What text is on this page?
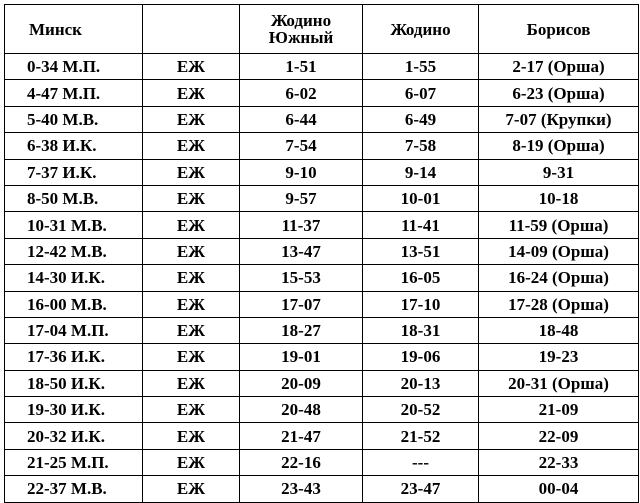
Минск		Жодино Южный	Жодино	Борисов
0-34 М.П.	ЕЖ	1-51	1-55	2-17 (Орша)
4-47 М.П.	ЕЖ	6-02	6-07	6-23 (Орша)
5-40 М.В.	ЕЖ	6-44	6-49	7-07 (Крупки)
6-38 И.К.	ЕЖ	7-54	7-58	8-19 (Орша)
7-37 И.К.	ЕЖ	9-10	9-14	9-31
8-50 М.В.	ЕЖ	9-57	10-01	10-18
10-31 М.В.	ЕЖ	11-37	11-41	11-59 (Орша)
12-42 М.В.	ЕЖ	13-47	13-51	14-09 (Орша)
14-30 И.К.	ЕЖ	15-53	16-05	16-24 (Орша)
16-00 М.В.	ЕЖ	17-07	17-10	17-28 (Орша)
17-04 М.П.	ЕЖ	18-27	18-31	18-48
17-36 И.К.	ЕЖ	19-01	19-06	19-23
18-50 И.К.	ЕЖ	20-09	20-13	20-31 (Орша)
19-30 И.К.	ЕЖ	20-48	20-52	21-09
20-32 И.К.	ЕЖ	21-47	21-52	22-09
21-25 М.П.	ЕЖ	22-16	---	22-33
22-37 М.В.	ЕЖ	23-43	23-47	00-04
